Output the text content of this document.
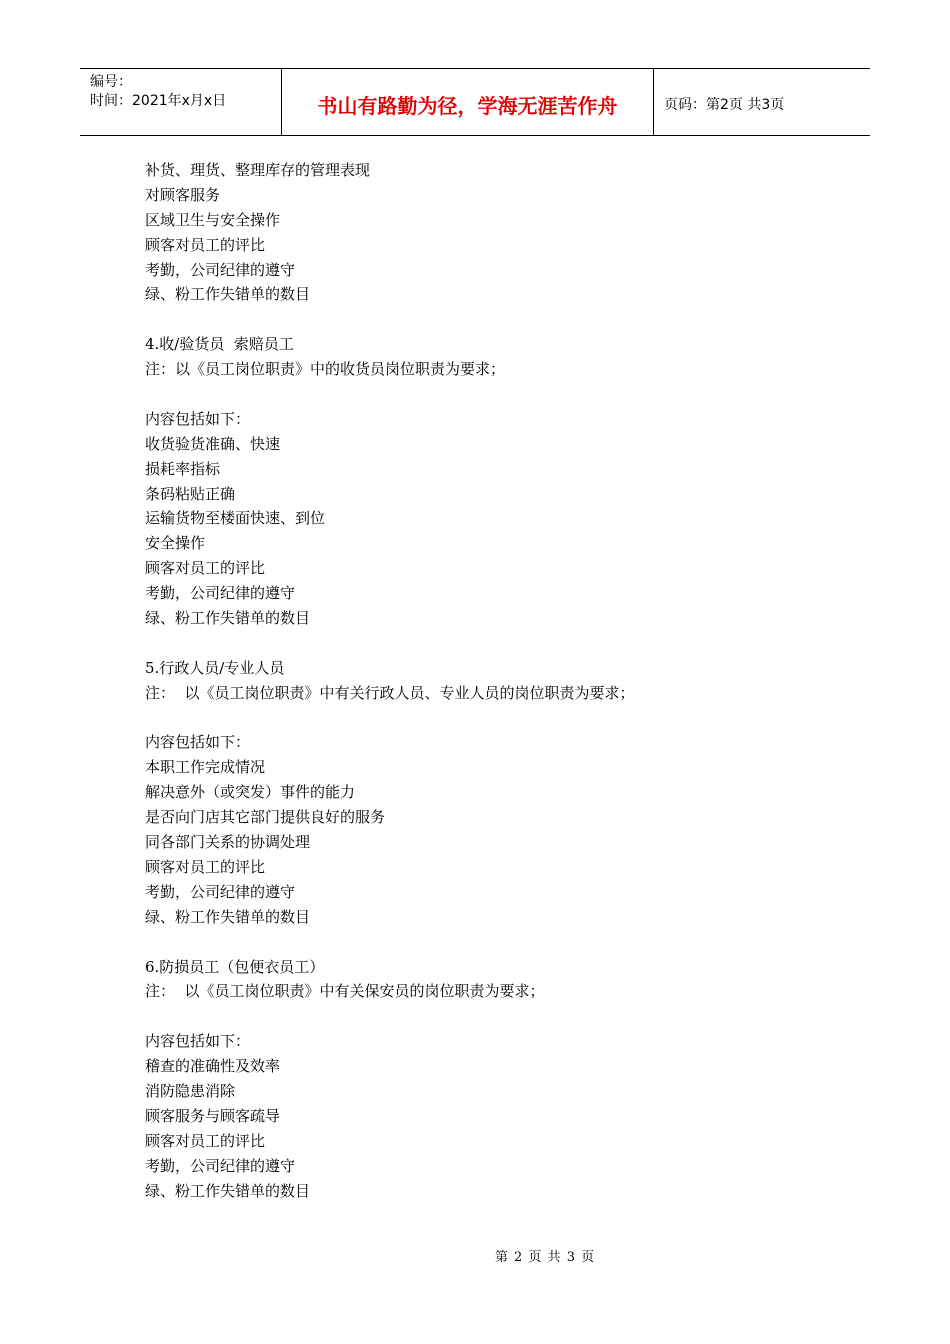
编号：
时间：2021年x月x日	书山有路勤为径，学海无涯苦作舟	页码：第2页 共3页
补货、理货、整理库存的管理表现
对顾客服务
区域卫生与安全操作
顾客对员工的评比
考勤，公司纪律的遵守
绿、粉工作失错单的数目
4.收/验货员  索赔员工
注：以《员工岗位职责》中的收货员岗位职责为要求；
内容包括如下：
收货验货准确、快速
损耗率指标
条码粘贴正确
运输货物至楼面快速、到位
安全操作
顾客对员工的评比
考勤，公司纪律的遵守
绿、粉工作失错单的数目
5.行政人员/专业人员
注：  以《员工岗位职责》中有关行政人员、专业人员的岗位职责为要求；
内容包括如下：
本职工作完成情况
解决意外（或突发）事件的能力
是否向门店其它部门提供良好的服务
同各部门关系的协调处理
顾客对员工的评比
考勤，公司纪律的遵守
绿、粉工作失错单的数目
6.防损员工（包便衣员工）
注：  以《员工岗位职责》中有关保安员的岗位职责为要求；
内容包括如下：
稽查的准确性及效率
消防隐患消除
顾客服务与顾客疏导
顾客对员工的评比
考勤，公司纪律的遵守
绿、粉工作失错单的数目
第 2 页 共 3 页
